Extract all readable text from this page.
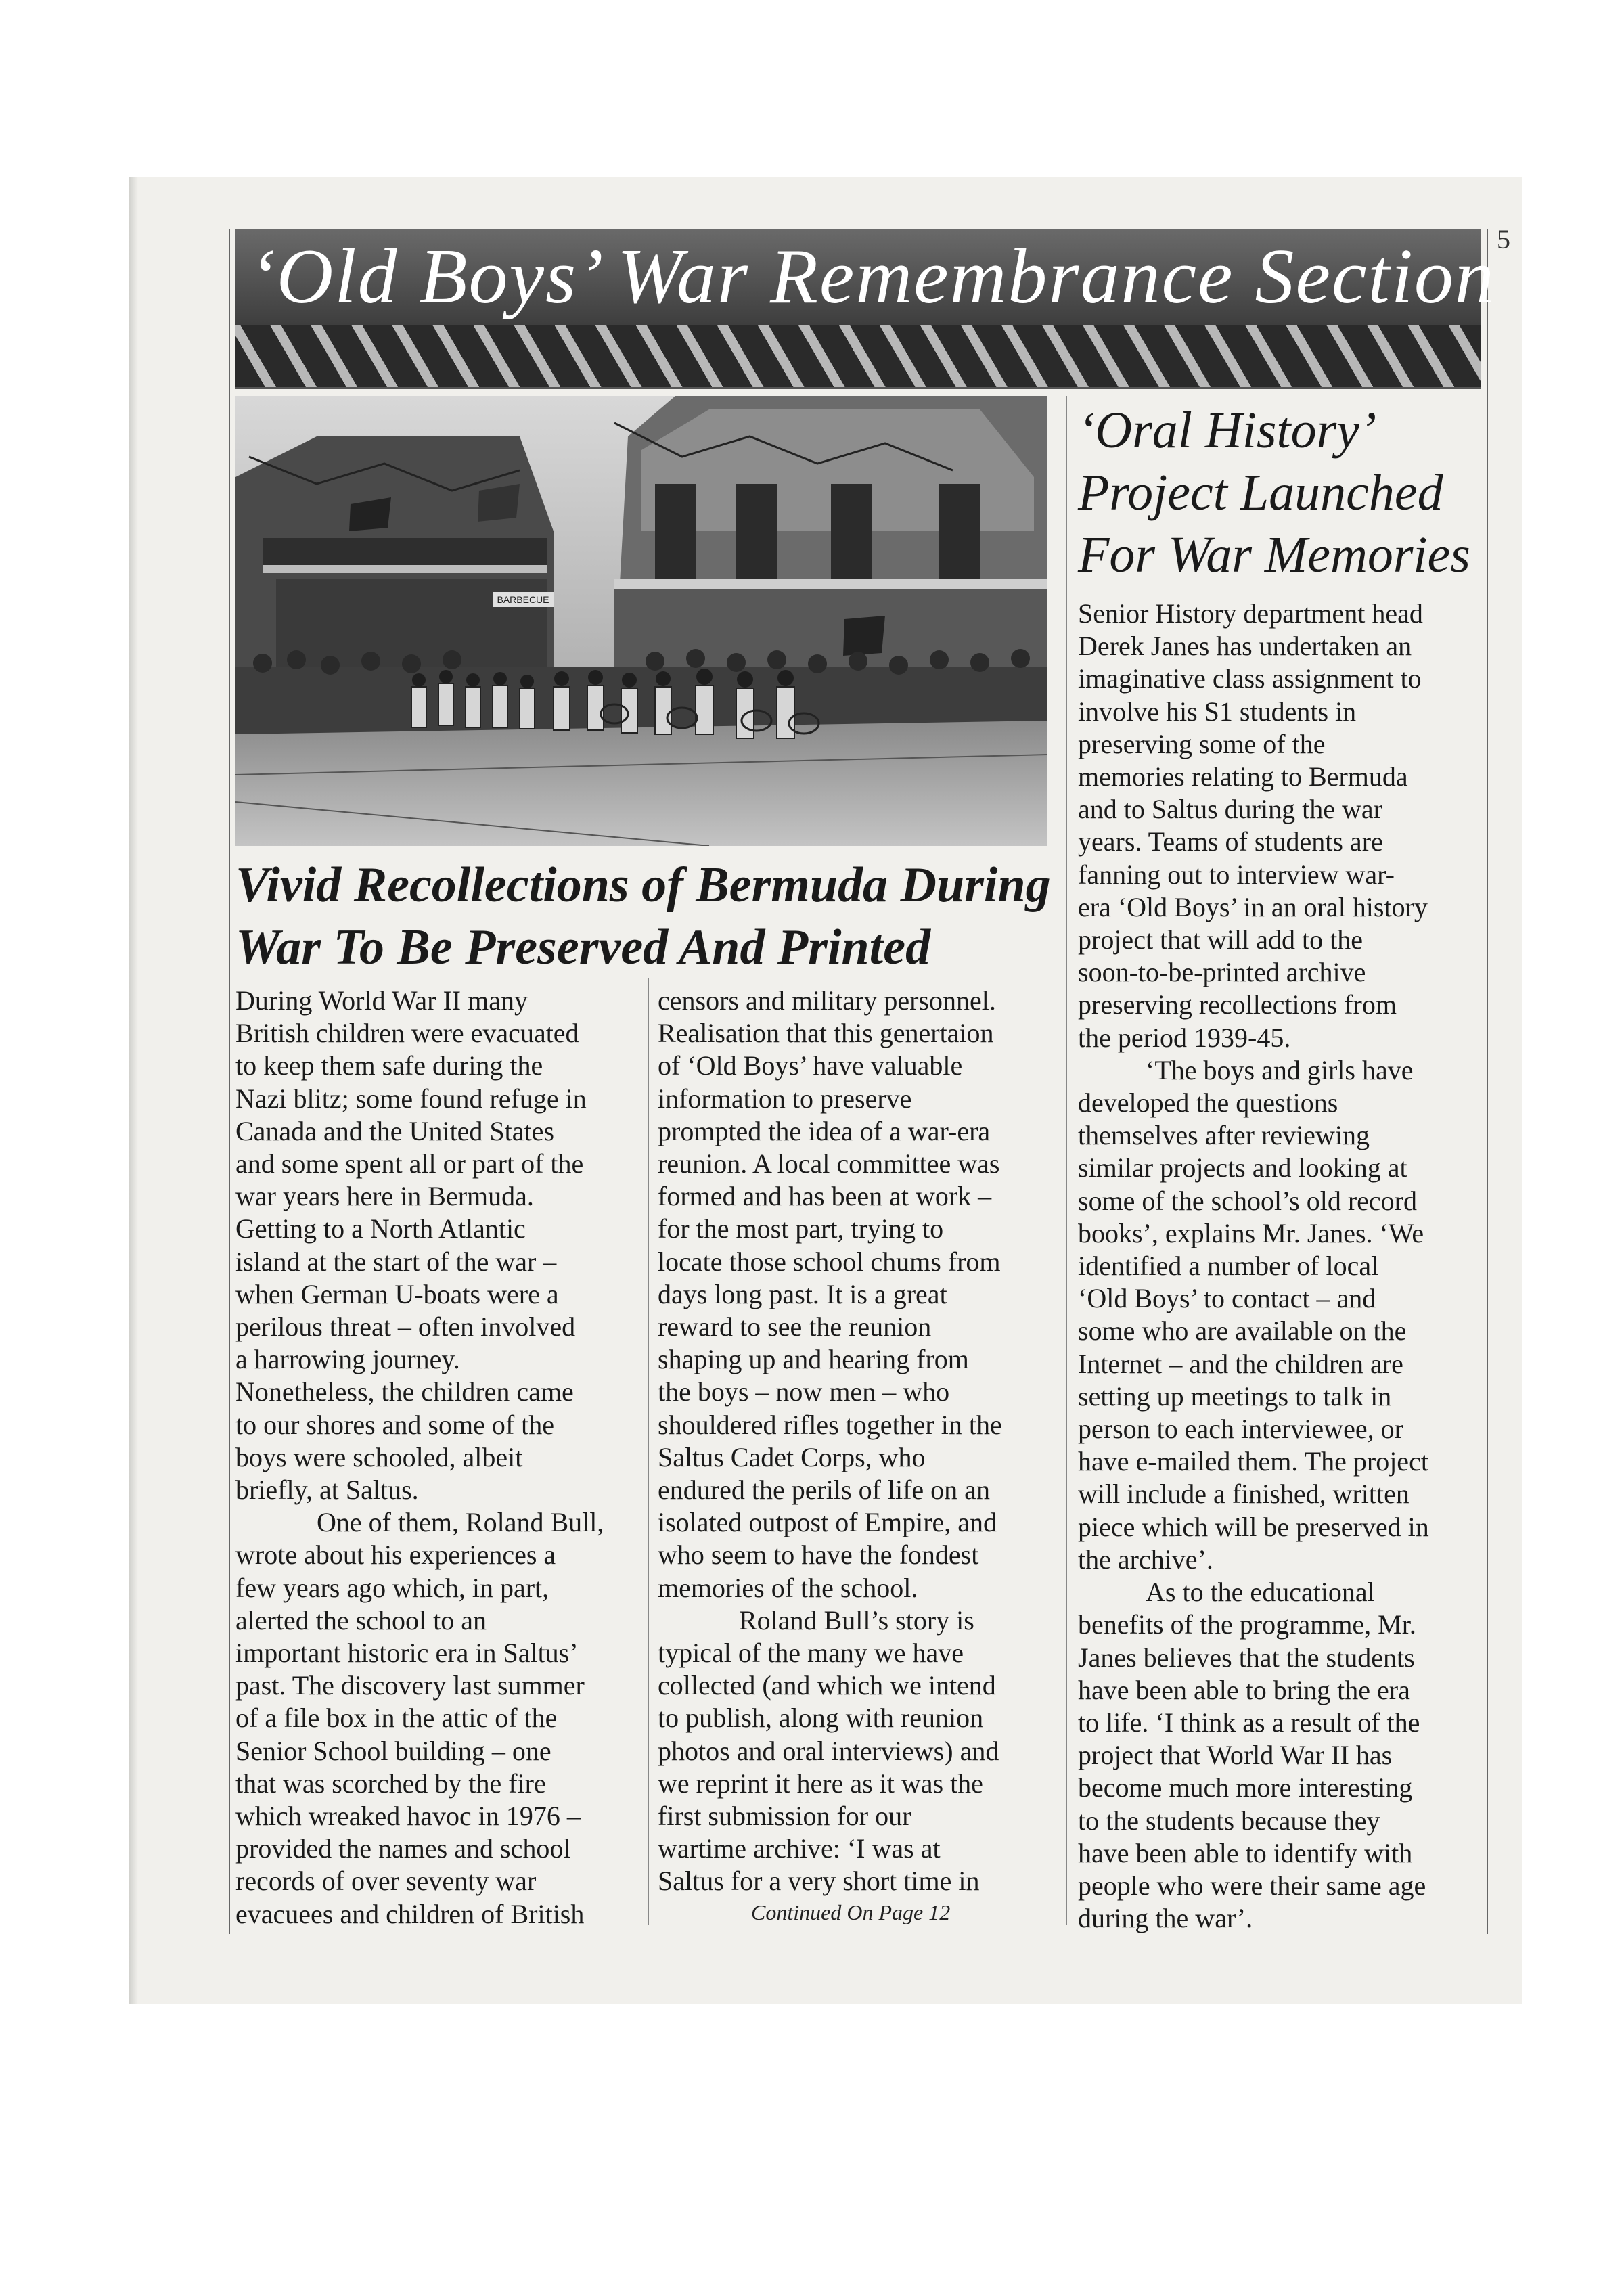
5
‘Old Boys’ War Remembrance Section
BARBECUE
Vivid Recollections of Bermuda During
War To Be Preserved And Printed

During World War II many

British children were evacuated

to keep them safe during the

Nazi blitz; some found refuge in

Canada and the United States

and some spent all or part of the

war years here in Bermuda.

Getting to a North Atlantic

island at the start of the war –

when German U-boats were a

perilous threat – often involved

a harrowing journey.

Nonetheless, the children came

to our shores and some of the

boys were schooled, albeit

briefly, at Saltus.

One of them, Roland Bull,

wrote about his experiences a

few years ago which, in part,

alerted the school to an

important historic era in Saltus’

past. The discovery last summer

of a file box in the attic of the

Senior School building – one

that was scorched by the fire

which wreaked havoc in 1976 –

provided the names and school

records of over seventy war

evacuees and children of British

censors and military personnel.

Realisation that this genertaion

of ‘Old Boys’ have valuable

information to preserve

prompted the idea of a war-era

reunion. A local committee was

formed and has been at work –

for the most part, trying to

locate those school chums from

days long past. It is a great

reward to see the reunion

shaping up and hearing from

the boys – now men – who

shouldered rifles together in the

Saltus Cadet Corps, who

endured the perils of life on an

isolated outpost of Empire, and

who seem to have the fondest

memories of the school.

Roland Bull’s story is

typical of the many we have

collected (and which we intend

to publish, along with reunion

photos and oral interviews) and

we reprint it here as it was the

first submission for our

wartime archive: ‘I was at

Saltus for a very short time in

Continued On Page 12
‘Oral History’
Project Launched
For War Memories

Senior History department head

Derek Janes has undertaken an

imaginative class assignment to

involve his S1 students in

preserving some of the

memories relating to Bermuda

and to Saltus during the war

years. Teams of students are

fanning out to interview war-

era ‘Old Boys’ in an oral history

project that will add to the

soon-to-be-printed archive

preserving recollections from

the period 1939-45.

‘The boys and girls have

developed the questions

themselves after reviewing

similar projects and looking at

some of the school’s old record

books’, explains Mr. Janes. ‘We

identified a number of local

‘Old Boys’ to contact – and

some who are available on the

Internet – and the children are

setting up meetings to talk in

person to each interviewee, or

have e-mailed them. The project

will include a finished, written

piece which will be preserved in

the archive’.

As to the educational

benefits of the programme, Mr.

Janes believes that the students

have been able to bring the era

to life. ‘I think as a result of the

project that World War II has

become much more interesting

to the students because they

have been able to identify with

people who were their same age

during the war’.
